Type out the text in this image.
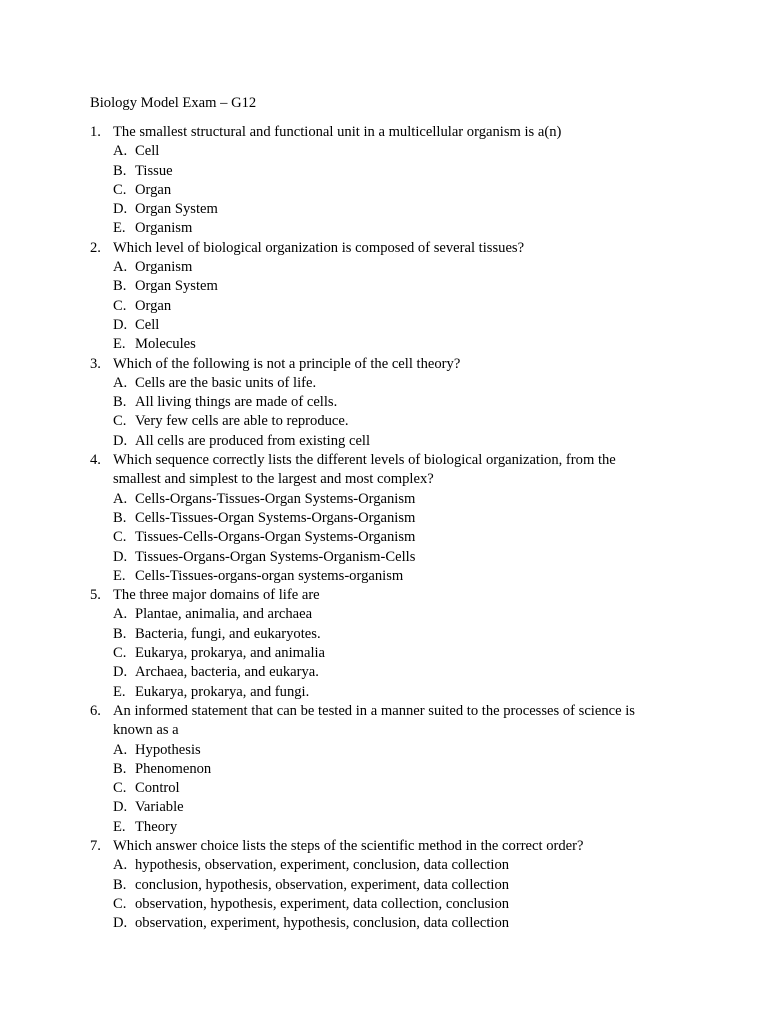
Biology Model Exam – G12
1. The smallest structural and functional unit in a multicellular organism is a(n)
A. Cell
B. Tissue
C. Organ
D. Organ System
E. Organism
2. Which level of biological organization is composed of several tissues?
A. Organism
B. Organ System
C. Organ
D. Cell
E. Molecules
3. Which of the following is not a principle of the cell theory?
A. Cells are the basic units of life.
B. All living things are made of cells.
C. Very few cells are able to reproduce.
D. All cells are produced from existing cell
4. Which sequence correctly lists the different levels of biological organization, from the smallest and simplest to the largest and most complex?
A. Cells-Organs-Tissues-Organ Systems-Organism
B. Cells-Tissues-Organ Systems-Organs-Organism
C. Tissues-Cells-Organs-Organ Systems-Organism
D. Tissues-Organs-Organ Systems-Organism-Cells
E. Cells-Tissues-organs-organ systems-organism
5. The three major domains of life are
A. Plantae, animalia, and archaea
B. Bacteria, fungi, and eukaryotes.
C. Eukarya, prokarya, and animalia
D. Archaea, bacteria, and eukarya.
E. Eukarya, prokarya, and fungi.
6. An informed statement that can be tested in a manner suited to the processes of science is known as a
A. Hypothesis
B. Phenomenon
C. Control
D. Variable
E. Theory
7. Which answer choice lists the steps of the scientific method in the correct order?
A. hypothesis, observation, experiment, conclusion, data collection
B. conclusion, hypothesis, observation, experiment, data collection
C. observation, hypothesis, experiment, data collection, conclusion
D. observation, experiment, hypothesis, conclusion, data collection
